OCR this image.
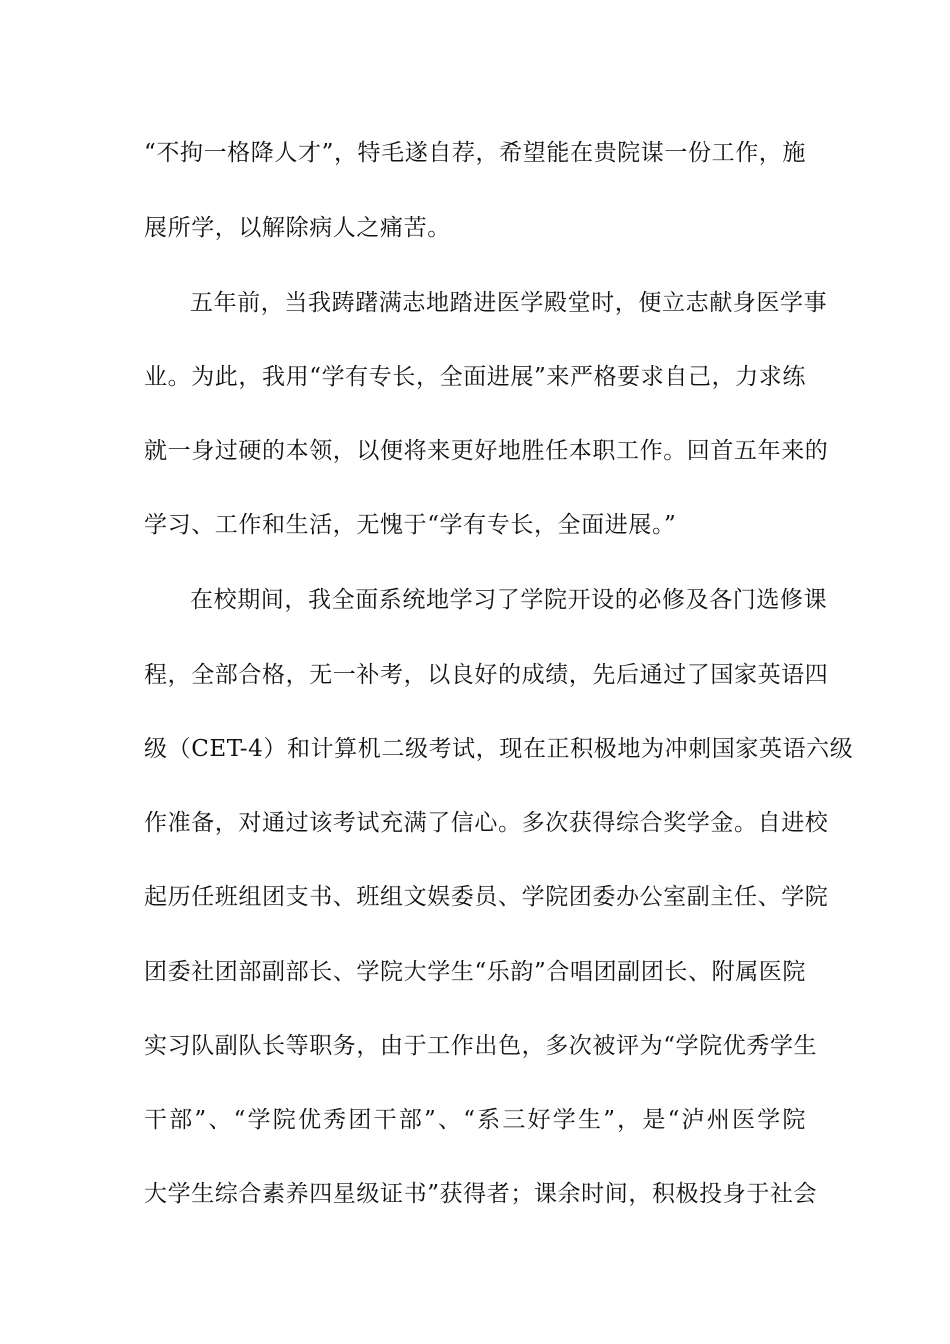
“不拘一格降人才”，特毛遂自荐，希望能在贵院谋一份工作，施
展所学，以解除病人之痛苦。
五年前，当我踌躇满志地踏进医学殿堂时，便立志献身医学事
业。为此，我用“学有专长，全面进展”来严格要求自己，力求练
就一身过硬的本领，以便将来更好地胜任本职工作。回首五年来的
学习、工作和生活，无愧于“学有专长，全面进展。”
在校期间，我全面系统地学习了学院开设的必修及各门选修课
程，全部合格，无一补考，以良好的成绩，先后通过了国家英语四
级（CET-4）和计算机二级考试，现在正积极地为冲刺国家英语六级
作准备，对通过该考试充满了信心。多次获得综合奖学金。自进校
起历任班组团支书、班组文娱委员、学院团委办公室副主任、学院
团委社团部副部长、学院大学生“乐韵”合唱团副团长、附属医院
实习队副队长等职务，由于工作出色，多次被评为“学院优秀学生
干部”、“学院优秀团干部”、“系三好学生”，是“泸州医学院
大学生综合素养四星级证书”获得者；课余时间，积极投身于社会
